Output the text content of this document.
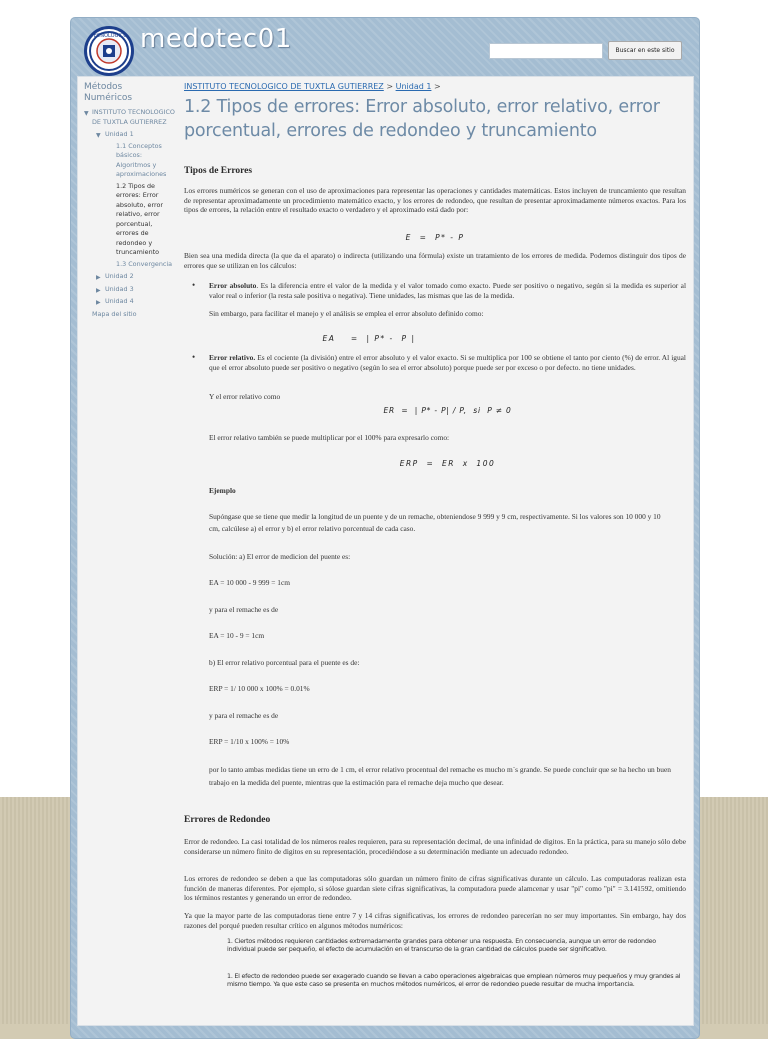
TECNOLÓGICO medotec01	Buscar en este sitio
Métodos Numéricos
▼ INSTITUTO TECNOLOGICO DE TUXTLA GUTIERREZ
▼ Unidad 1
1.1 Conceptos básicos: Algoritmos y aproximaciones
1.2 Tipos de errores: Error absoluto, error relativo, error porcentual, errores de redondeo y truncamiento
1.3 Convergencia
▶ Unidad 2
▶ Unidad 3
▶ Unidad 4
Mapa del sitio
INSTITUTO TECNOLOGICO DE TUXTLA GUTIERREZ > Unidad 1 >
1.2 Tipos de errores: Error absoluto, error relativo, error porcentual, errores de redondeo y truncamiento
Tipos de Errores
Los errores numéricos se generan con el uso de aproximaciones para representar las operaciones y cantidades matemáticas. Estos incluyen de truncamiento que resultan de representar aproximadamente un procedimiento matemático exacto, y los errores de redondeo, que resultan de presentar aproximadamente números exactos. Para los tipos de errores, la relación entre el resultado exacto o verdadero y el aproximado está dado por:
E  =  P* - P
Bien sea una medida directa (la que da el aparato) o indirecta (utilizando una fórmula) existe un tratamiento de los errores de medida. Podemos distinguir dos tipos de errores que se utilizan en los cálculos:
•	Error absoluto. Es la diferencia entre el valor de la medida y el valor tomado como exacto. Puede ser positivo o negativo, según si la medida es superior al valor real o inferior (la resta sale positiva o negativa). Tiene unidades, las mismas que las de la medida.
Sin embargo, para facilitar el manejo y el análisis se emplea el error absoluto definido como:
EA    =  | P* -  P |
•	Error relativo. Es el cociente (la división) entre el error absoluto y el valor exacto. Si se multiplica por 100 se obtiene el tanto por ciento (%) de error. Al igual que el error absoluto puede ser positivo o negativo (según lo sea el error absoluto) porque puede ser por exceso o por defecto. no tiene unidades.
Y el error relativo como
ER  =  | P* - P| / P,  si  P ≠ 0
El error relativo también se puede multiplicar por el 100% para expresarlo como:
ERP  =  ER  x  100
Ejemplo
Supóngase que se tiene que medir la longitud de un puente y de un remache, obteniendose 9 999 y 9 cm, respectivamente. Si los valores son 10 000 y 10 cm, calcúlese a) el error y b) el error relativo porcentual de cada caso.
Solución: a) El error de medicion del puente es:
EA = 10 000 - 9 999 = 1cm
y para el remache es de
EA = 10 - 9 = 1cm
b) El error relativo porcentual para el puente es de:
ERP = 1/ 10 000 x 100% = 0.01%
y para el remache es de
ERP = 1/10 x 100% = 10%
por lo tanto ambas medidas tiene un erro de 1 cm, el error relativo procentual del remache es mucho m´s grande. Se puede concluir que se ha hecho un buen trabajo en la medida del puente, mientras que la estimación para el remache deja mucho que desear.
Errores de Redondeo
Error de redondeo. La casi totalidad de los números reales requieren, para su representación decimal, de una infinidad de digitos. En la práctica, para su manejo sólo debe considerarse un número finito de digitos en su representación, procediéndose a su determinación mediante un adecuado redondeo.
Los errores de redondeo se deben a que las computadoras sólo guardan un número finito de cifras significativas durante un cálculo. Las computadoras realizan esta función de maneras diferentes. Por ejemplo, si sólose guardan siete cifras significativas, la computadora puede alamcenar y usar "pi" como "pi" = 3.141592, omitiendo los términos restantes y generando un error de redondeo.
Ya que la mayor parte de las computadoras tiene entre 7 y 14 cifras significativas, los errores de redondeo parecerían no ser muy importantes. Sin embargo, hay dos razones del porqué pueden resultar crítico en algunos métodos numéricos:
1. Ciertos métodos requieren cantidades extremadamente grandes para obtener una respuesta. En consecuencia, aunque un error de redondeo individual puede ser pequeño, el efecto de acumulación en el transcurso de la gran cantidad de cálculos puede ser significativo.
1. El efecto de redondeo puede ser exagerado cuando se llevan a cabo operaciones algebraicas que emplean números muy pequeños y muy grandes al mismo tiempo. Ya que este caso se presenta en muchos métodos numéricos, el error de redondeo puede resultar de mucha importancia.
